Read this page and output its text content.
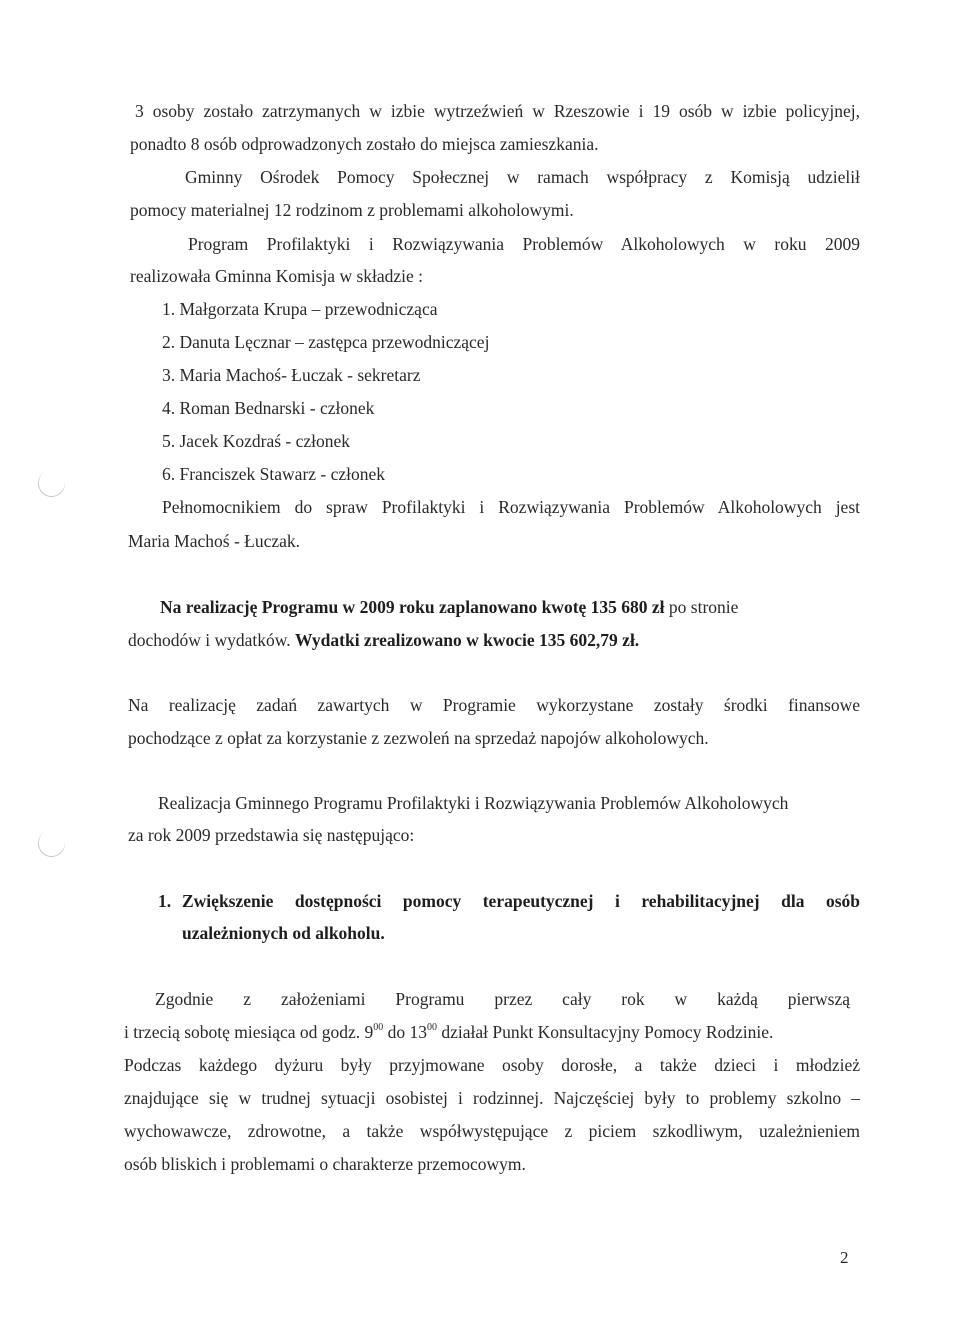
3 osoby zostało zatrzymanych w izbie wytrzeźwień w Rzeszowie i 19 osób w izbie policyjnej,
ponadto 8 osób odprowadzonych zostało do miejsca zamieszkania.
Gminny Ośrodek Pomocy Społecznej w ramach współpracy z Komisją udzielił
pomocy materialnej 12 rodzinom z problemami alkoholowymi.
Program Profilaktyki i Rozwiązywania Problemów Alkoholowych w roku 2009
realizowała Gminna Komisja w składzie :
1. Małgorzata Krupa – przewodnicząca
2. Danuta Lęcznar – zastępca przewodniczącej
3. Maria Machoś- Łuczak - sekretarz
4. Roman Bednarski - członek
5. Jacek Kozdraś - członek
6. Franciszek Stawarz - członek
Pełnomocnikiem do spraw Profilaktyki i Rozwiązywania Problemów Alkoholowych jest
Maria Machoś - Łuczak.
Na realizację Programu w 2009 roku zaplanowano kwotę 135 680 zł po stronie
dochodów i wydatków. Wydatki zrealizowano w kwocie 135 602,79 zł.
Na realizację zadań zawartych w Programie wykorzystane zostały środki finansowe
pochodzące z opłat za korzystanie z zezwoleń na sprzedaż napojów alkoholowych.
Realizacja Gminnego Programu Profilaktyki i Rozwiązywania Problemów Alkoholowych
za rok 2009 przedstawia się następująco:
1. Zwiększenie dostępności pomocy terapeutycznej i rehabilitacyjnej dla osób
uzależnionych od alkoholu.
Zgodnie z założeniami Programu przez cały rok w każdą pierwszą
i trzecią sobotę miesiąca od godz. $9^{00}$ do $13^{00}$ działał Punkt Konsultacyjny Pomocy Rodzinie.
Podczas każdego dyżuru były przyjmowane osoby dorosłe, a także dzieci i młodzież
znajdujące się w trudnej sytuacji osobistej i rodzinnej. Najczęściej były to problemy szkolno –
wychowawcze, zdrowotne, a także współwystępujące z piciem szkodliwym, uzależnieniem
osób bliskich i problemami o charakterze przemocowym.
2
